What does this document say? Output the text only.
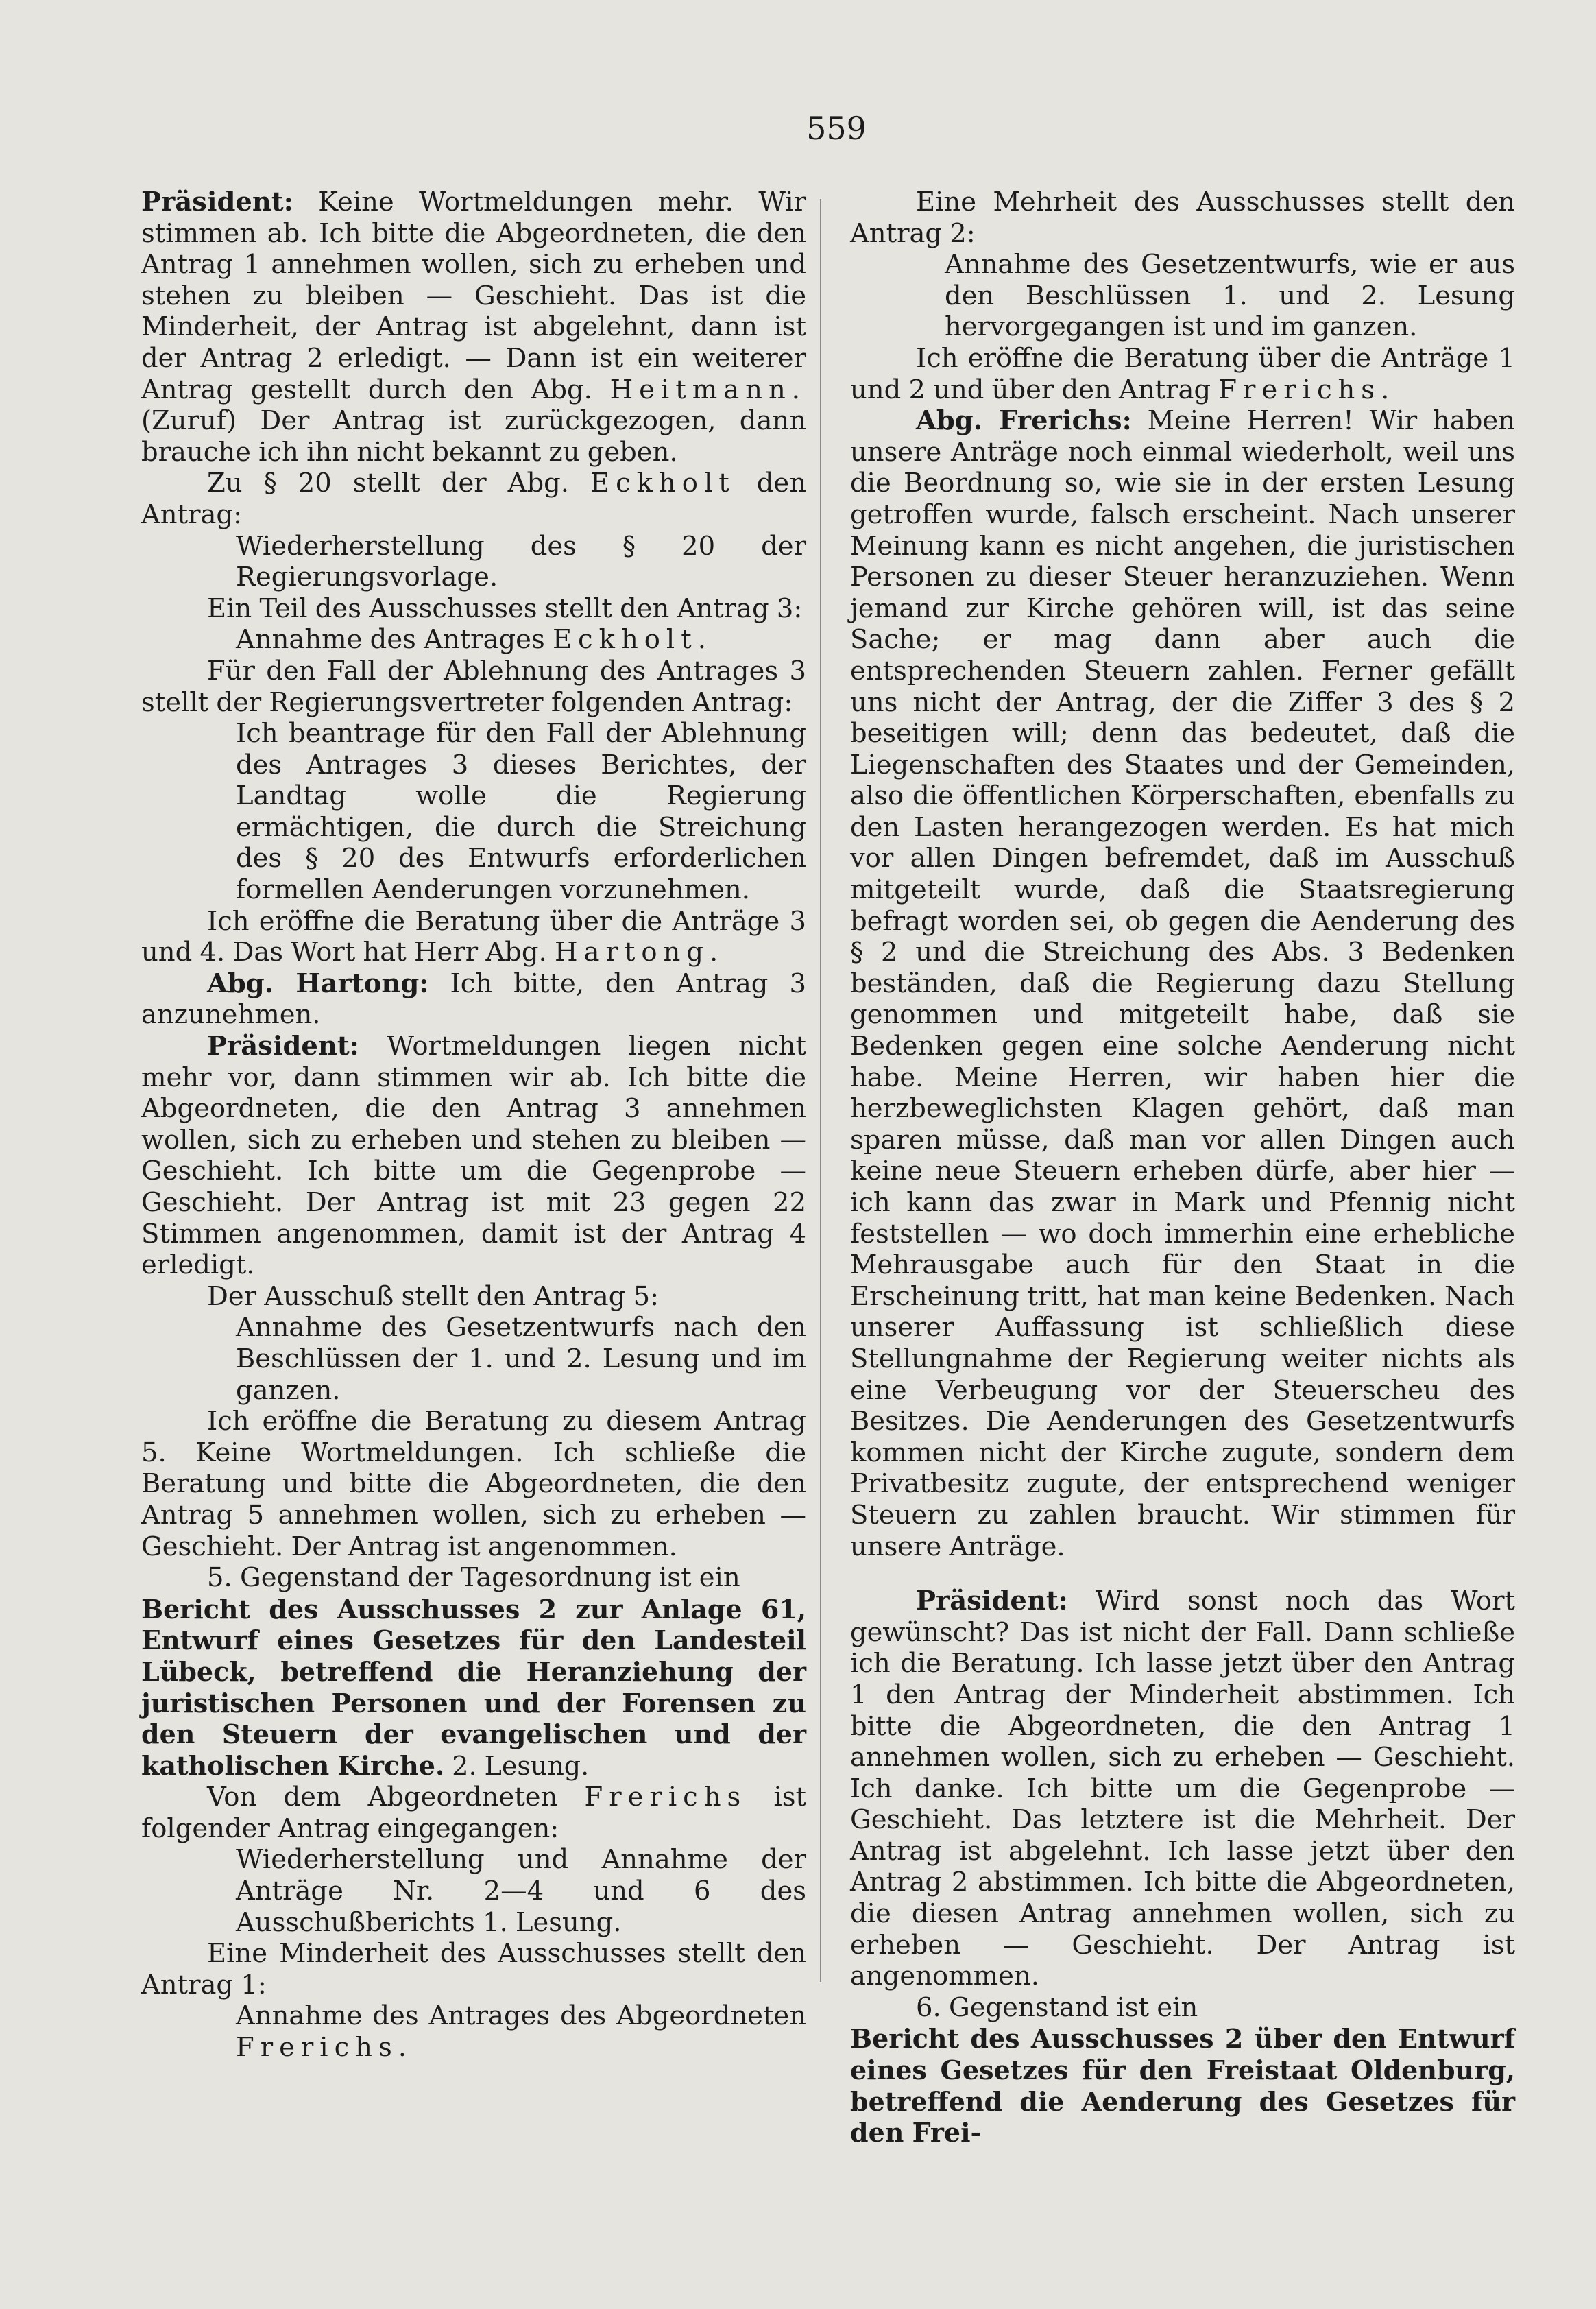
559

Präsident: Keine Wortmeldungen mehr. Wir stimmen ab. Ich bitte die Abgeordneten, die den Antrag 1 annehmen wollen, sich zu erheben und stehen zu bleiben — Geschieht. Das ist die Minderheit, der Antrag ist abgelehnt, dann ist der Antrag 2 erledigt. — Dann ist ein weiterer Antrag gestellt durch den Abg. Heitmann. (Zuruf) Der Antrag ist zurückgezogen, dann brauche ich ihn nicht bekannt zu geben.

Zu § 20 stellt der Abg. Eckholt den Antrag:

Wiederherstellung des § 20 der Regierungsvorlage.

Ein Teil des Ausschusses stellt den Antrag 3:

Annahme des Antrages Eckholt.

Für den Fall der Ablehnung des Antrages 3 stellt der Regierungsvertreter folgenden Antrag:

Ich beantrage für den Fall der Ablehnung des Antrages 3 dieses Berichtes, der Landtag wolle die Regierung ermächtigen, die durch die Streichung des § 20 des Entwurfs erforderlichen formellen Aenderungen vorzunehmen.

Ich eröffne die Beratung über die Anträge 3 und 4. Das Wort hat Herr Abg. Hartong.

Abg. Hartong: Ich bitte, den Antrag 3 anzunehmen.

Präsident: Wortmeldungen liegen nicht mehr vor, dann stimmen wir ab. Ich bitte die Abgeordneten, die den Antrag 3 annehmen wollen, sich zu erheben und stehen zu bleiben — Geschieht. Ich bitte um die Gegenprobe — Geschieht. Der Antrag ist mit 23 gegen 22 Stimmen angenommen, damit ist der Antrag 4 erledigt.

Der Ausschuß stellt den Antrag 5:

Annahme des Gesetzentwurfs nach den Beschlüssen der 1. und 2. Lesung und im ganzen.

Ich eröffne die Beratung zu diesem Antrag 5. Keine Wortmeldungen. Ich schließe die Beratung und bitte die Abgeordneten, die den Antrag 5 annehmen wollen, sich zu erheben — Geschieht. Der Antrag ist angenommen.

5. Gegenstand der Tagesordnung ist ein

Bericht des Ausschusses 2 zur Anlage 61, Entwurf eines Gesetzes für den Landesteil Lübeck, betreffend die Heranziehung der juristischen Personen und der Forensen zu den Steuern der evangelischen und der katholischen Kirche. 2. Lesung.

Von dem Abgeordneten Frerichs ist folgender Antrag eingegangen:

Wiederherstellung und Annahme der Anträge Nr. 2—4 und 6 des Ausschußberichts 1. Lesung.

Eine Minderheit des Ausschusses stellt den Antrag 1:

Annahme des Antrages des Abgeordneten Frerichs.

Eine Mehrheit des Ausschusses stellt den Antrag 2:

Annahme des Gesetzentwurfs, wie er aus den Beschlüssen 1. und 2. Lesung hervorgegangen ist und im ganzen.

Ich eröffne die Beratung über die Anträge 1 und 2 und über den Antrag Frerichs.

Abg. Frerichs: Meine Herren! Wir haben unsere Anträge noch einmal wiederholt, weil uns die Beordnung so, wie sie in der ersten Lesung getroffen wurde, falsch erscheint. Nach unserer Meinung kann es nicht angehen, die juristischen Personen zu dieser Steuer heranzuziehen. Wenn jemand zur Kirche gehören will, ist das seine Sache; er mag dann aber auch die entsprechenden Steuern zahlen. Ferner gefällt uns nicht der Antrag, der die Ziffer 3 des § 2 beseitigen will; denn das bedeutet, daß die Liegenschaften des Staates und der Gemeinden, also die öffentlichen Körperschaften, ebenfalls zu den Lasten herangezogen werden. Es hat mich vor allen Dingen befremdet, daß im Ausschuß mitgeteilt wurde, daß die Staatsregierung befragt worden sei, ob gegen die Aenderung des § 2 und die Streichung des Abs. 3 Bedenken beständen, daß die Regierung dazu Stellung genommen und mitgeteilt habe, daß sie Bedenken gegen eine solche Aenderung nicht habe. Meine Herren, wir haben hier die herzbeweglichsten Klagen gehört, daß man sparen müsse, daß man vor allen Dingen auch keine neue Steuern erheben dürfe, aber hier — ich kann das zwar in Mark und Pfennig nicht feststellen — wo doch immerhin eine erhebliche Mehrausgabe auch für den Staat in die Erscheinung tritt, hat man keine Bedenken. Nach unserer Auffassung ist schließlich diese Stellungnahme der Regierung weiter nichts als eine Verbeugung vor der Steuerscheu des Besitzes. Die Aenderungen des Gesetzentwurfs kommen nicht der Kirche zugute, sondern dem Privatbesitz zugute, der entsprechend weniger Steuern zu zahlen braucht. Wir stimmen für unsere Anträge.

Präsident: Wird sonst noch das Wort gewünscht? Das ist nicht der Fall. Dann schließe ich die Beratung. Ich lasse jetzt über den Antrag 1 den Antrag der Minderheit abstimmen. Ich bitte die Abgeordneten, die den Antrag 1 annehmen wollen, sich zu erheben — Geschieht. Ich danke. Ich bitte um die Gegenprobe — Geschieht. Das letztere ist die Mehrheit. Der Antrag ist abgelehnt. Ich lasse jetzt über den Antrag 2 abstimmen. Ich bitte die Abgeordneten, die diesen Antrag annehmen wollen, sich zu erheben — Geschieht. Der Antrag ist angenommen.

6. Gegenstand ist ein

Bericht des Ausschusses 2 über den Entwurf eines Gesetzes für den Freistaat Oldenburg, betreffend die Aenderung des Gesetzes für den Frei-
